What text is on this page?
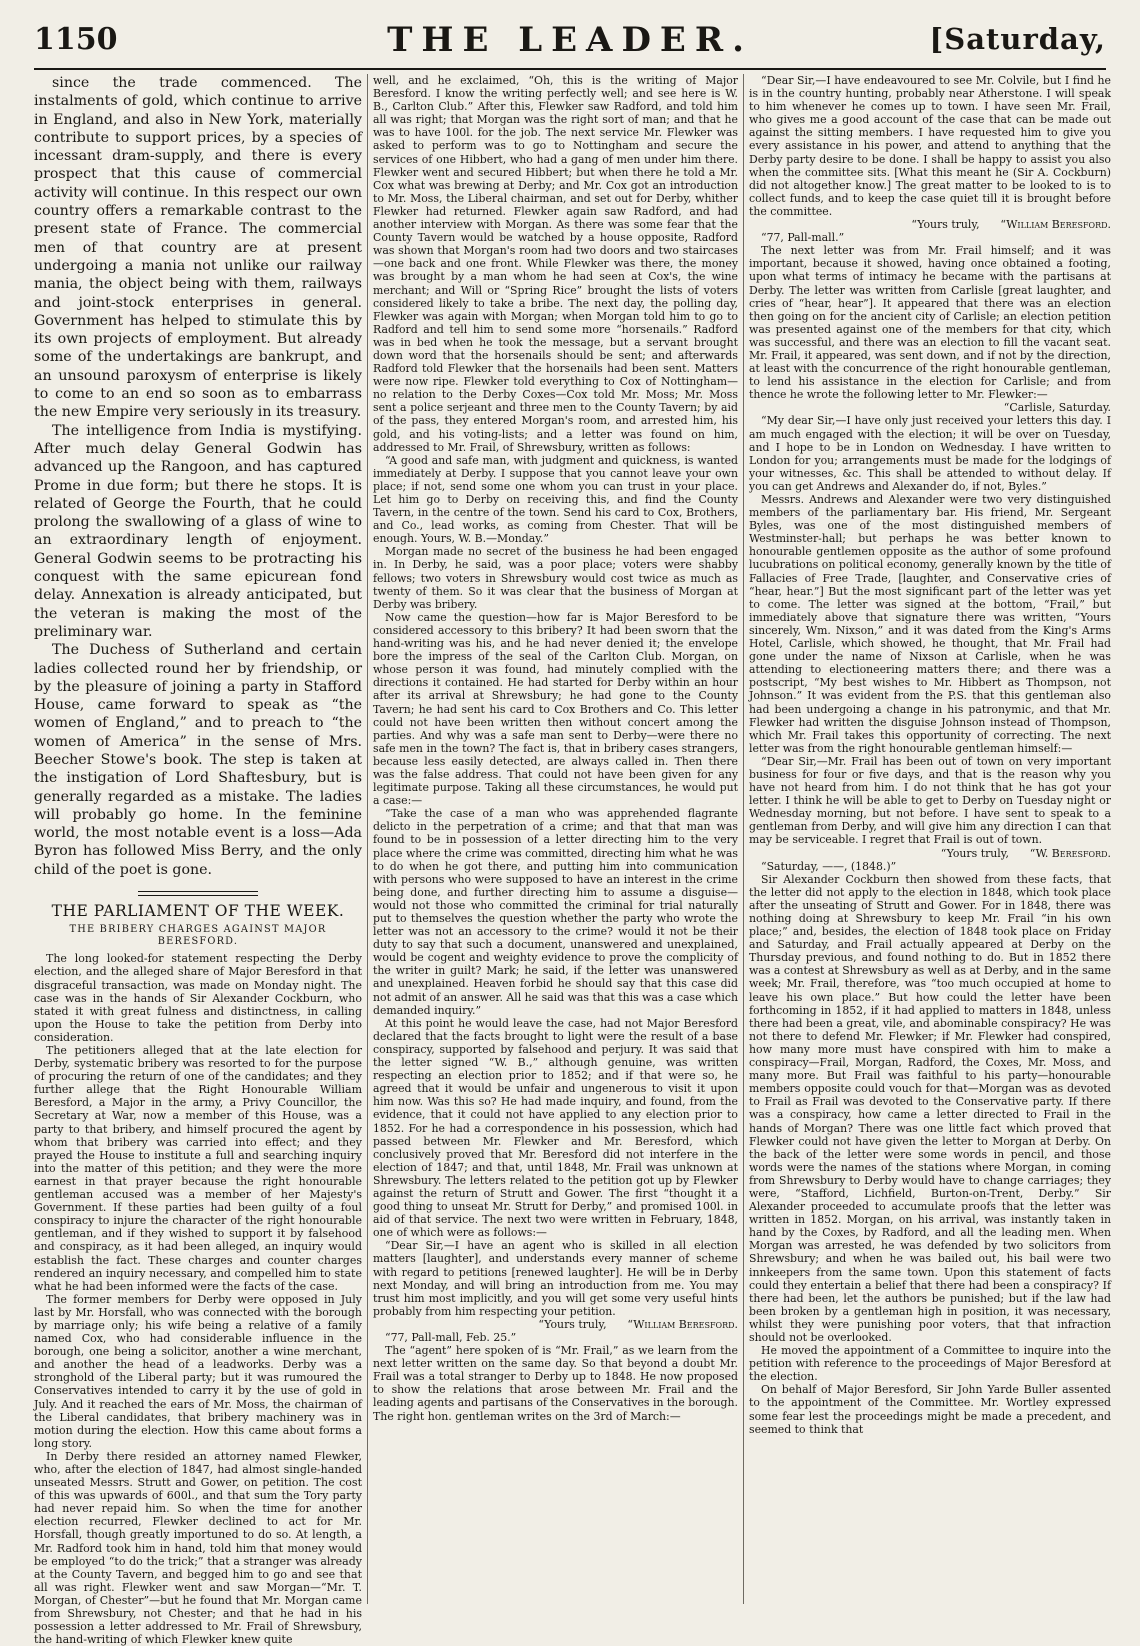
1150	THE LEADER.	[Saturday,

since the trade commenced. The instalments of gold, which continue to arrive in England, and also in New York, materially contribute to support prices, by a species of incessant dram-supply, and there is every prospect that this cause of commercial activity will continue. In this respect our own country offers a remarkable contrast to the present state of France. The commercial men of that country are at present undergoing a mania not unlike our railway mania, the object being with them, railways and joint-stock enterprises in general. Government has helped to stimulate this by its own projects of employment. But already some of the undertakings are bankrupt, and an unsound paroxysm of enterprise is likely to come to an end so soon as to embarrass the new Empire very seriously in its treasury.

The intelligence from India is mystifying. After much delay General Godwin has advanced up the Rangoon, and has captured Prome in due form; but there he stops. It is related of George the Fourth, that he could prolong the swallowing of a glass of wine to an extraordinary length of enjoyment. General Godwin seems to be protracting his conquest with the same epicurean fond delay. Annexation is already anticipated, but the veteran is making the most of the preliminary war.

The Duchess of Sutherland and certain ladies collected round her by friendship, or by the pleasure of joining a party in Stafford House, came forward to speak as “the women of England,” and to preach to “the women of America” in the sense of Mrs. Beecher Stowe's book. The step is taken at the instigation of Lord Shaftesbury, but is generally regarded as a mistake. The ladies will probably go home. In the feminine world, the most notable event is a loss—Ada Byron has followed Miss Berry, and the only child of the poet is gone.

THE PARLIAMENT OF THE WEEK.
THE BRIBERY CHARGES AGAINST MAJOR BERESFORD.

The long looked-for statement respecting the Derby election, and the alleged share of Major Beresford in that disgraceful transaction, was made on Monday night. The case was in the hands of Sir Alexander Cockburn, who stated it with great fulness and distinctness, in calling upon the House to take the petition from Derby into consideration.

The petitioners alleged that at the late election for Derby, systematic bribery was resorted to for the purpose of procuring the return of one of the candidates; and they further allege that the Right Honourable William Beresford, a Major in the army, a Privy Councillor, the Secretary at War, now a member of this House, was a party to that bribery, and himself procured the agent by whom that bribery was carried into effect; and they prayed the House to institute a full and searching inquiry into the matter of this petition; and they were the more earnest in that prayer because the right honourable gentleman accused was a member of her Majesty's Government. If these parties had been guilty of a foul conspiracy to injure the character of the right honourable gentleman, and if they wished to support it by falsehood and conspiracy, as it had been alleged, an inquiry would establish the fact. These charges and counter charges rendered an inquiry necessary, and compelled him to state what he had been informed were the facts of the case.

The former members for Derby were opposed in July last by Mr. Horsfall, who was connected with the borough by marriage only; his wife being a relative of a family named Cox, who had considerable influence in the borough, one being a solicitor, another a wine merchant, and another the head of a leadworks. Derby was a stronghold of the Liberal party; but it was rumoured the Conservatives intended to carry it by the use of gold in July. And it reached the ears of Mr. Moss, the chairman of the Liberal candidates, that bribery machinery was in motion during the election. How this came about forms a long story.

In Derby there resided an attorney named Flewker, who, after the election of 1847, had almost single-handed unseated Messrs. Strutt and Gower, on petition. The cost of this was upwards of 600l., and that sum the Tory party had never repaid him. So when the time for another election recurred, Flewker declined to act for Mr. Horsfall, though greatly importuned to do so. At length, a Mr. Radford took him in hand, told him that money would be employed “to do the trick;” that a stranger was already at the County Tavern, and begged him to go and see that all was right. Flewker went and saw Morgan—“Mr. T. Morgan, of Chester”—but he found that Mr. Morgan came from Shrewsbury, not Chester; and that he had in his possession a letter addressed to Mr. Frail of Shrewsbury, the hand-writing of which Flewker knew quite

well, and he exclaimed, “Oh, this is the writing of Major Beresford. I know the writing perfectly well; and see here is W. B., Carlton Club.” After this, Flewker saw Radford, and told him all was right; that Morgan was the right sort of man; and that he was to have 100l. for the job. The next service Mr. Flewker was asked to perform was to go to Nottingham and secure the services of one Hibbert, who had a gang of men under him there. Flewker went and secured Hibbert; but when there he told a Mr. Cox what was brewing at Derby; and Mr. Cox got an introduction to Mr. Moss, the Liberal chairman, and set out for Derby, whither Flewker had returned. Flewker again saw Radford, and had another interview with Morgan. As there was some fear that the County Tavern would be watched by a house opposite, Radford was shown that Morgan's room had two doors and two staircases—one back and one front. While Flewker was there, the money was brought by a man whom he had seen at Cox's, the wine merchant; and Will or “Spring Rice” brought the lists of voters considered likely to take a bribe. The next day, the polling day, Flewker was again with Morgan; when Morgan told him to go to Radford and tell him to send some more “horsenails.” Radford was in bed when he took the message, but a servant brought down word that the horsenails should be sent; and afterwards Radford told Flewker that the horsenails had been sent. Matters were now ripe. Flewker told everything to Cox of Nottingham—no relation to the Derby Coxes—Cox told Mr. Moss; Mr. Moss sent a police serjeant and three men to the County Tavern; by aid of the pass, they entered Morgan's room, and arrested him, his gold, and his voting-lists; and a letter was found on him, addressed to Mr. Frail, of Shrewsbury, written as follows:

“A good and safe man, with judgment and quickness, is wanted immediately at Derby. I suppose that you cannot leave your own place; if not, send some one whom you can trust in your place. Let him go to Derby on receiving this, and find the County Tavern, in the centre of the town. Send his card to Cox, Brothers, and Co., lead works, as coming from Chester. That will be enough. Yours, W. B.—Monday.”

Morgan made no secret of the business he had been engaged in. In Derby, he said, was a poor place; voters were shabby fellows; two voters in Shrewsbury would cost twice as much as twenty of them. So it was clear that the business of Morgan at Derby was bribery.

Now came the question—how far is Major Beresford to be considered accessory to this bribery? It had been sworn that the hand-writing was his, and he had never denied it; the envelope bore the impress of the seal of the Carlton Club. Morgan, on whose person it was found, had minutely complied with the directions it contained. He had started for Derby within an hour after its arrival at Shrewsbury; he had gone to the County Tavern; he had sent his card to Cox Brothers and Co. This letter could not have been written then without concert among the parties. And why was a safe man sent to Derby—were there no safe men in the town? The fact is, that in bribery cases strangers, because less easily detected, are always called in. Then there was the false address. That could not have been given for any legitimate purpose. Taking all these circumstances, he would put a case:—

“Take the case of a man who was apprehended flagrante delicto in the perpetration of a crime; and that that man was found to be in possession of a letter directing him to the very place where the crime was committed, directing him what he was to do when he got there, and putting him into communication with persons who were supposed to have an interest in the crime being done, and further directing him to assume a disguise—would not those who committed the criminal for trial naturally put to themselves the question whether the party who wrote the letter was not an accessory to the crime? would it not be their duty to say that such a document, unanswered and unexplained, would be cogent and weighty evidence to prove the complicity of the writer in guilt? Mark; he said, if the letter was unanswered and unexplained. Heaven forbid he should say that this case did not admit of an answer. All he said was that this was a case which demanded inquiry.”

At this point he would leave the case, had not Major Beresford declared that the facts brought to light were the result of a base conspiracy, supported by falsehood and perjury. It was said that the letter signed “W. B.,” although genuine, was written respecting an election prior to 1852; and if that were so, he agreed that it would be unfair and ungenerous to visit it upon him now. Was this so? He had made inquiry, and found, from the evidence, that it could not have applied to any election prior to 1852. For he had a correspondence in his possession, which had passed between Mr. Flewker and Mr. Beresford, which conclusively proved that Mr. Beresford did not interfere in the election of 1847; and that, until 1848, Mr. Frail was unknown at Shrewsbury. The letters related to the petition got up by Flewker against the return of Strutt and Gower. The first “thought it a good thing to unseat Mr. Strutt for Derby,” and promised 100l. in aid of that service. The next two were written in February, 1848, one of which were as follows:—

“Dear Sir,—I have an agent who is skilled in all election matters [laughter], and understands every manner of scheme with regard to petitions [renewed laughter]. He will be in Derby next Monday, and will bring an introduction from me. You may trust him most implicitly, and you will get some very useful hints probably from him respecting your petition.

“Yours truly, “William Beresford.

“77, Pall-mall, Feb. 25.”

The “agent” here spoken of is “Mr. Frail,” as we learn from the next letter written on the same day. So that beyond a doubt Mr. Frail was a total stranger to Derby up to 1848. He now proposed to show the relations that arose between Mr. Frail and the leading agents and partisans of the Conservatives in the borough. The right hon. gentleman writes on the 3rd of March:—

“Dear Sir,—I have endeavoured to see Mr. Colvile, but I find he is in the country hunting, probably near Atherstone. I will speak to him whenever he comes up to town. I have seen Mr. Frail, who gives me a good account of the case that can be made out against the sitting members. I have requested him to give you every assistance in his power, and attend to anything that the Derby party desire to be done. I shall be happy to assist you also when the committee sits. [What this meant he (Sir A. Cockburn) did not altogether know.] The great matter to be looked to is to collect funds, and to keep the case quiet till it is brought before the committee.

“Yours truly, “William Beresford.

“77, Pall-mall.”

The next letter was from Mr. Frail himself; and it was important, because it showed, having once obtained a footing, upon what terms of intimacy he became with the partisans at Derby. The letter was written from Carlisle [great laughter, and cries of “hear, hear”]. It appeared that there was an election then going on for the ancient city of Carlisle; an election petition was presented against one of the members for that city, which was successful, and there was an election to fill the vacant seat. Mr. Frail, it appeared, was sent down, and if not by the direction, at least with the concurrence of the right honourable gentleman, to lend his assistance in the election for Carlisle; and from thence he wrote the following letter to Mr. Flewker:—

“Carlisle, Saturday.

“My dear Sir,—I have only just received your letters this day. I am much engaged with the election; it will be over on Tuesday, and I hope to be in London on Wednesday. I have written to London for you; arrangements must be made for the lodgings of your witnesses, &c. This shall be attended to without delay. If you can get Andrews and Alexander do, if not, Byles.”

Messrs. Andrews and Alexander were two very distinguished members of the parliamentary bar. His friend, Mr. Sergeant Byles, was one of the most distinguished members of Westminster-hall; but perhaps he was better known to honourable gentlemen opposite as the author of some profound lucubrations on political economy, generally known by the title of Fallacies of Free Trade, [laughter, and Conservative cries of “hear, hear.”] But the most significant part of the letter was yet to come. The letter was signed at the bottom, “Frail,” but immediately above that signature there was written, “Yours sincerely, Wm. Nixson,” and it was dated from the King's Arms Hotel, Carlisle, which showed, he thought, that Mr. Frail had gone under the name of Nixson at Carlisle, when he was attending to electioneering matters there; and there was a postscript, “My best wishes to Mr. Hibbert as Thompson, not Johnson.” It was evident from the P.S. that this gentleman also had been undergoing a change in his patronymic, and that Mr. Flewker had written the disguise Johnson instead of Thompson, which Mr. Frail takes this opportunity of correcting. The next letter was from the right honourable gentleman himself:—

“Dear Sir,—Mr. Frail has been out of town on very important business for four or five days, and that is the reason why you have not heard from him. I do not think that he has got your letter. I think he will be able to get to Derby on Tuesday night or Wednesday morning, but not before. I have sent to speak to a gentleman from Derby, and will give him any direction I can that may be serviceable. I regret that Frail is out of town.

“Yours truly, “W. Beresford.

“Saturday, ——, (1848.)”

Sir Alexander Cockburn then showed from these facts, that the letter did not apply to the election in 1848, which took place after the unseating of Strutt and Gower. For in 1848, there was nothing doing at Shrewsbury to keep Mr. Frail “in his own place;” and, besides, the election of 1848 took place on Friday and Saturday, and Frail actually appeared at Derby on the Thursday previous, and found nothing to do. But in 1852 there was a contest at Shrewsbury as well as at Derby, and in the same week; Mr. Frail, therefore, was “too much occupied at home to leave his own place.” But how could the letter have been forthcoming in 1852, if it had applied to matters in 1848, unless there had been a great, vile, and abominable conspiracy? He was not there to defend Mr. Flewker; if Mr. Flewker had conspired, how many more must have conspired with him to make a conspiracy—Frail, Morgan, Radford, the Coxes, Mr. Moss, and many more. But Frail was faithful to his party—honourable members opposite could vouch for that—Morgan was as devoted to Frail as Frail was devoted to the Conservative party. If there was a conspiracy, how came a letter directed to Frail in the hands of Morgan? There was one little fact which proved that Flewker could not have given the letter to Morgan at Derby. On the back of the letter were some words in pencil, and those words were the names of the stations where Morgan, in coming from Shrewsbury to Derby would have to change carriages; they were, “Stafford, Lichfield, Burton-on-Trent, Derby.” Sir Alexander proceeded to accumulate proofs that the letter was written in 1852. Morgan, on his arrival, was instantly taken in hand by the Coxes, by Radford, and all the leading men. When Morgan was arrested, he was defended by two solicitors from Shrewsbury; and when he was bailed out, his bail were two innkeepers from the same town. Upon this statement of facts could they entertain a belief that there had been a conspiracy? If there had been, let the authors be punished; but if the law had been broken by a gentleman high in position, it was necessary, whilst they were punishing poor voters, that that infraction should not be overlooked.

He moved the appointment of a Committee to inquire into the petition with reference to the proceedings of Major Beresford at the election.

On behalf of Major Beresford, Sir John Yarde Buller assented to the appointment of the Committee. Mr. Wortley expressed some fear lest the proceedings might be made a precedent, and seemed to think that
